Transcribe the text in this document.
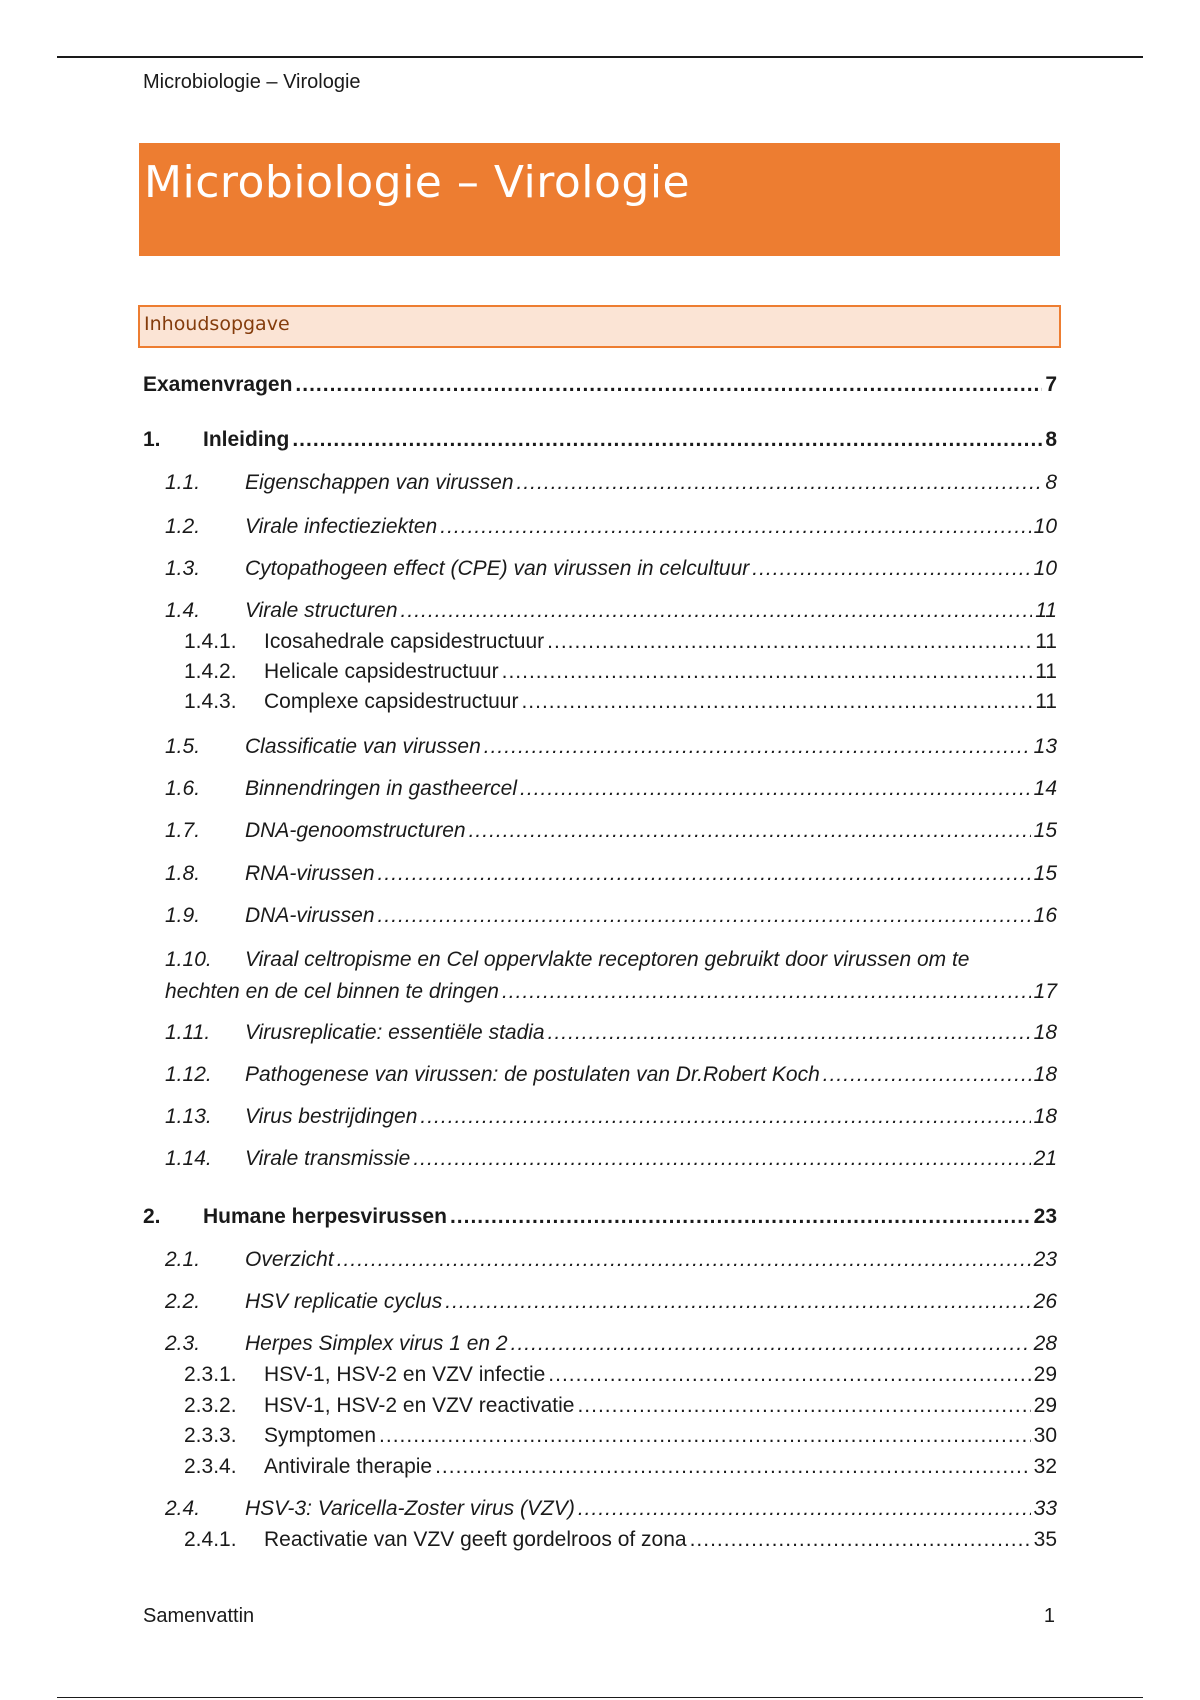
Microbiologie – Virologie
Microbiologie – Virologie
Inhoudsopgave
Examenvragen .....	7
1.	Inleiding .....	8
1.1.	Eigenschappen van virussen .....	8
1.2.	Virale infectieziekten .....	10
1.3.	Cytopathogeen effect (CPE) van virussen in celcultuur .....	10
1.4.	Virale structuren .....	11
1.4.1.	Icosahedrale capsidestructuur .....	11
1.4.2.	Helicale capsidestructuur .....	11
1.4.3.	Complexe capsidestructuur .....	11
1.5.	Classificatie van virussen .....	13
1.6.	Binnendringen in gastheercel .....	14
1.7.	DNA-genoomstructuren .....	15
1.8.	RNA-virussen .....	15
1.9.	DNA-virussen .....	16
1.10.	Viraal celtropisme en Cel oppervlakte receptoren gebruikt door virussen om te
hechten en de cel binnen te dringen .....	17
1.11.	Virusreplicatie: essentiële stadia .....	18
1.12.	Pathogenese van virussen: de postulaten van Dr.Robert Koch .....	18
1.13.	Virus bestrijdingen .....	18
1.14.	Virale transmissie .....	21
2.	Humane herpesvirussen .....	23
2.1.	Overzicht .....	23
2.2.	HSV replicatie cyclus .....	26
2.3.	Herpes Simplex virus 1 en 2 .....	28
2.3.1.	HSV-1, HSV-2 en VZV infectie .....	29
2.3.2.	HSV-1, HSV-2 en VZV reactivatie .....	29
2.3.3.	Symptomen .....	30
2.3.4.	Antivirale therapie .....	32
2.4.	HSV-3: Varicella-Zoster virus (VZV) .....	33
2.4.1.	Reactivatie van VZV geeft gordelroos of zona .....	35
Samenvattin	1
